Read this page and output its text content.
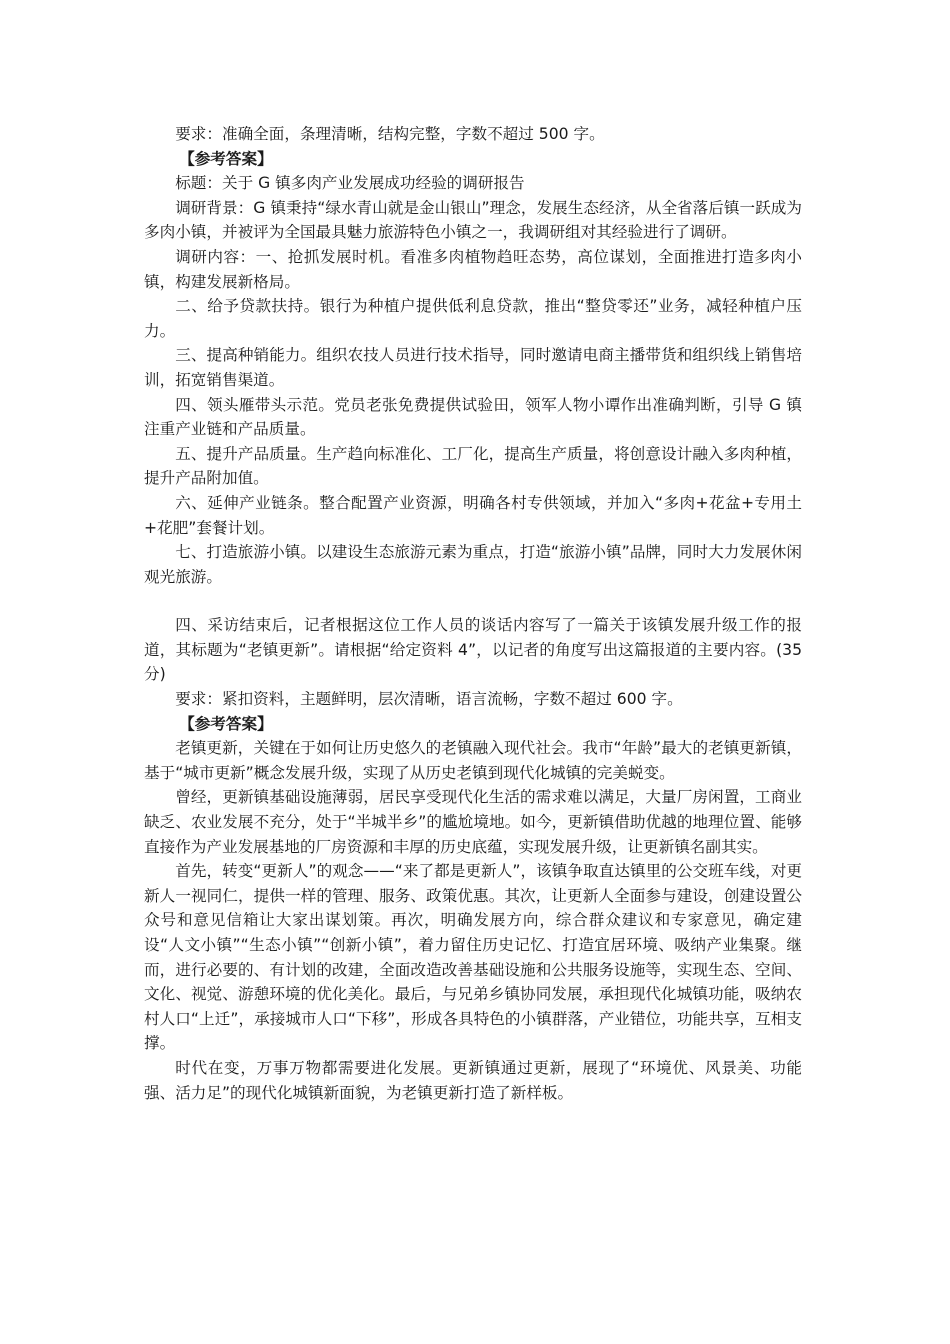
要求：准确全面，条理清晰，结构完整，字数不超过 500 字。

【参考答案】

标题：关于 G 镇多肉产业发展成功经验的调研报告

调研背景：G 镇秉持“绿水青山就是金山银山”理念，发展生态经济，从全省落后镇一跃成为多肉小镇，并被评为全国最具魅力旅游特色小镇之一，我调研组对其经验进行了调研。

调研内容：一、抢抓发展时机。看准多肉植物趋旺态势，高位谋划，全面推进打造多肉小镇，构建发展新格局。

二、给予贷款扶持。银行为种植户提供低利息贷款，推出“整贷零还”业务，减轻种植户压力。

三、提高种销能力。组织农技人员进行技术指导，同时邀请电商主播带货和组织线上销售培训，拓宽销售渠道。

四、领头雁带头示范。党员老张免费提供试验田，领军人物小谭作出准确判断，引导 G 镇注重产业链和产品质量。

五、提升产品质量。生产趋向标准化、工厂化，提高生产质量，将创意设计融入多肉种植，提升产品附加值。

六、延伸产业链条。整合配置产业资源，明确各村专供领域，并加入“多肉+花盆+专用土+花肥”套餐计划。

七、打造旅游小镇。以建设生态旅游元素为重点，打造“旅游小镇”品牌，同时大力发展休闲观光旅游。

四、采访结束后，记者根据这位工作人员的谈话内容写了一篇关于该镇发展升级工作的报道，其标题为“老镇更新”。请根据“给定资料 4”，以记者的角度写出这篇报道的主要内容。(35 分)

要求：紧扣资料，主题鲜明，层次清晰，语言流畅，字数不超过 600 字。

【参考答案】

老镇更新，关键在于如何让历史悠久的老镇融入现代社会。我市“年龄”最大的老镇更新镇，基于“城市更新”概念发展升级，实现了从历史老镇到现代化城镇的完美蜕变。

曾经，更新镇基础设施薄弱，居民享受现代化生活的需求难以满足，大量厂房闲置，工商业缺乏、农业发展不充分，处于“半城半乡”的尴尬境地。如今，更新镇借助优越的地理位置、能够直接作为产业发展基地的厂房资源和丰厚的历史底蕴，实现发展升级，让更新镇名副其实。

首先，转变“更新人”的观念——“来了都是更新人”，该镇争取直达镇里的公交班车线，对更新人一视同仁，提供一样的管理、服务、政策优惠。其次，让更新人全面参与建设，创建设置公众号和意见信箱让大家出谋划策。再次，明确发展方向，综合群众建议和专家意见，确定建设“人文小镇”“生态小镇”“创新小镇”，着力留住历史记忆、打造宜居环境、吸纳产业集聚。继而，进行必要的、有计划的改建，全面改造改善基础设施和公共服务设施等，实现生态、空间、文化、视觉、游憩环境的优化美化。最后，与兄弟乡镇协同发展，承担现代化城镇功能，吸纳农村人口“上迁”，承接城市人口“下移”，形成各具特色的小镇群落，产业错位，功能共享，互相支撑。

时代在变，万事万物都需要进化发展。更新镇通过更新，展现了“环境优、风景美、功能强、活力足”的现代化城镇新面貌，为老镇更新打造了新样板。
